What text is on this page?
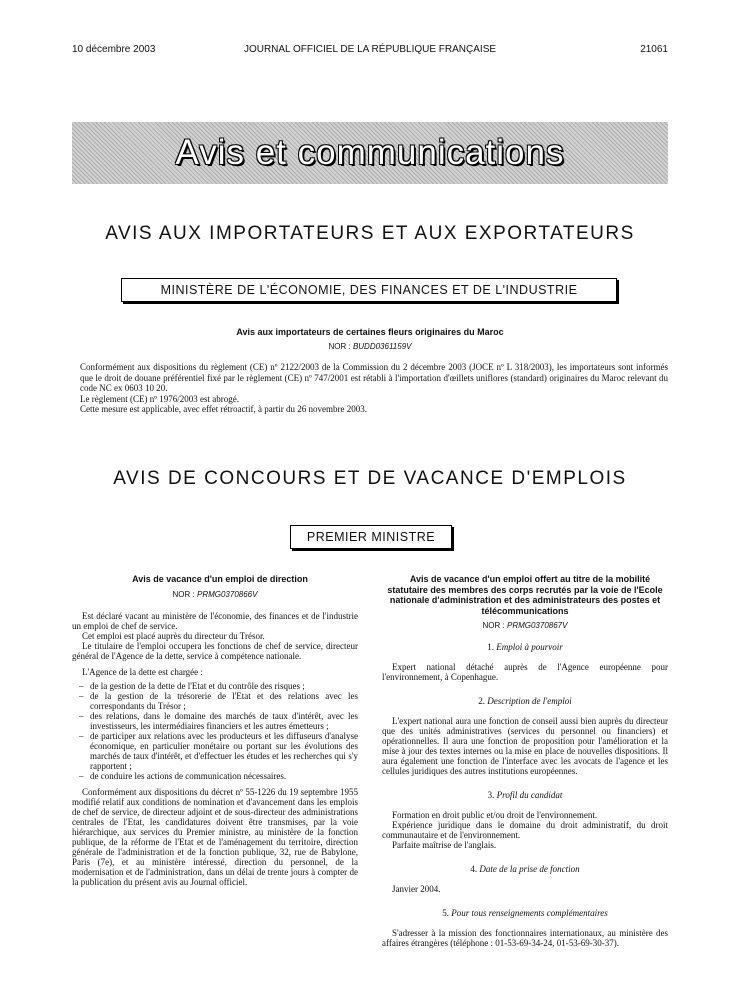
10 décembre 2003	JOURNAL OFFICIEL DE LA RÉPUBLIQUE FRANÇAISE	21061
Avis et communications
AVIS AUX IMPORTATEURS ET AUX EXPORTATEURS
MINISTÈRE DE L'ÉCONOMIE, DES FINANCES ET DE L'INDUSTRIE
Avis aux importateurs de certaines fleurs originaires du Maroc
NOR : BUDD0361159V

Conformément aux dispositions du règlement (CE) nº 2122/2003 de la Commission du 2 décembre 2003 (JOCE nº L 318/2003), les importateurs sont informés que le droit de douane préférentiel fixé par le règlement (CE) nº 747/2001 est rétabli à l'importation d'œillets uniflores (standard) originaires du Maroc relevant du code NC ex 0603 10 20.

Le règlement (CE) nº 1976/2003 est abrogé.

Cette mesure est applicable, avec effet rétroactif, à partir du 26 novembre 2003.

AVIS DE CONCOURS ET DE VACANCE D'EMPLOIS
PREMIER MINISTRE

Avis de vacance d'un emploi de direction

NOR : PRMG0370866V

Est déclaré vacant au ministère de l'économie, des finances et de l'industrie un emploi de chef de service.

Cet emploi est placé auprès du directeur du Trésor.

Le titulaire de l'emploi occupera les fonctions de chef de service, directeur général de l'Agence de la dette, service à compétence nationale.

L'Agence de la dette est chargée :

– de la gestion de la dette de l'Etat et du contrôle des risques ;
– de la gestion de la trésorerie de l'Etat et des relations avec les correspondants du Trésor ;
– des relations, dans le domaine des marchés de taux d'intérêt, avec les investisseurs, les intermédiaires financiers et les autres émetteurs ;
– de participer aux relations avec les producteurs et les diffuseurs d'analyse économique, en particulier monétaire ou portant sur les évolutions des marchés de taux d'intérêt, et d'effectuer les études et les recherches qui s'y rapportent ;
– de conduire les actions de communication nécessaires.

Conformément aux dispositions du décret nº 55-1226 du 19 septembre 1955 modifié relatif aux conditions de nomination et d'avancement dans les emplois de chef de service, de directeur adjoint et de sous-directeur des administrations centrales de l'Etat, les candidatures doivent être transmises, par la voie hiérarchique, aux services du Premier ministre, au ministère de la fonction publique, de la réforme de l'Etat et de l'aménagement du territoire, direction générale de l'administration et de la fonction publique, 32, rue de Babylone, Paris (7e), et au ministère intéressé, direction du personnel, de la modernisation et de l'administration, dans un délai de trente jours à compter de la publication du présent avis au Journal officiel.

Avis de vacance d'un emploi offert au titre de la mobilité statutaire des membres des corps recrutés par la voie de l'Ecole nationale d'administration et des administrateurs des postes et télécommunications

NOR : PRMG0370867V
1. Emploi à pourvoir

Expert national détaché auprès de l'Agence européenne pour l'environnement, à Copenhague.

2. Description de l'emploi

L'expert national aura une fonction de conseil aussi bien auprès du directeur que des unités administratives (services du personnel ou financiers) et opérationnelles. Il aura une fonction de proposition pour l'amélioration et la mise à jour des textes internes ou la mise en place de nouvelles dispositions. Il aura également une fonction de l'interface avec les avocats de l'agence et les cellules juridiques des autres institutions européennes.

3. Profil du candidat

Formation en droit public et/ou droit de l'environnement.

Expérience juridique dans le domaine du droit administratif, du droit communautaire et de l'environnement.

Parfaite maîtrise de l'anglais.

4. Date de la prise de fonction

Janvier 2004.

5. Pour tous renseignements complémentaires

S'adresser à la mission des fonctionnaires internationaux, au ministère des affaires étrangères (téléphone : 01-53-69-34-24, 01-53-69-30-37).
